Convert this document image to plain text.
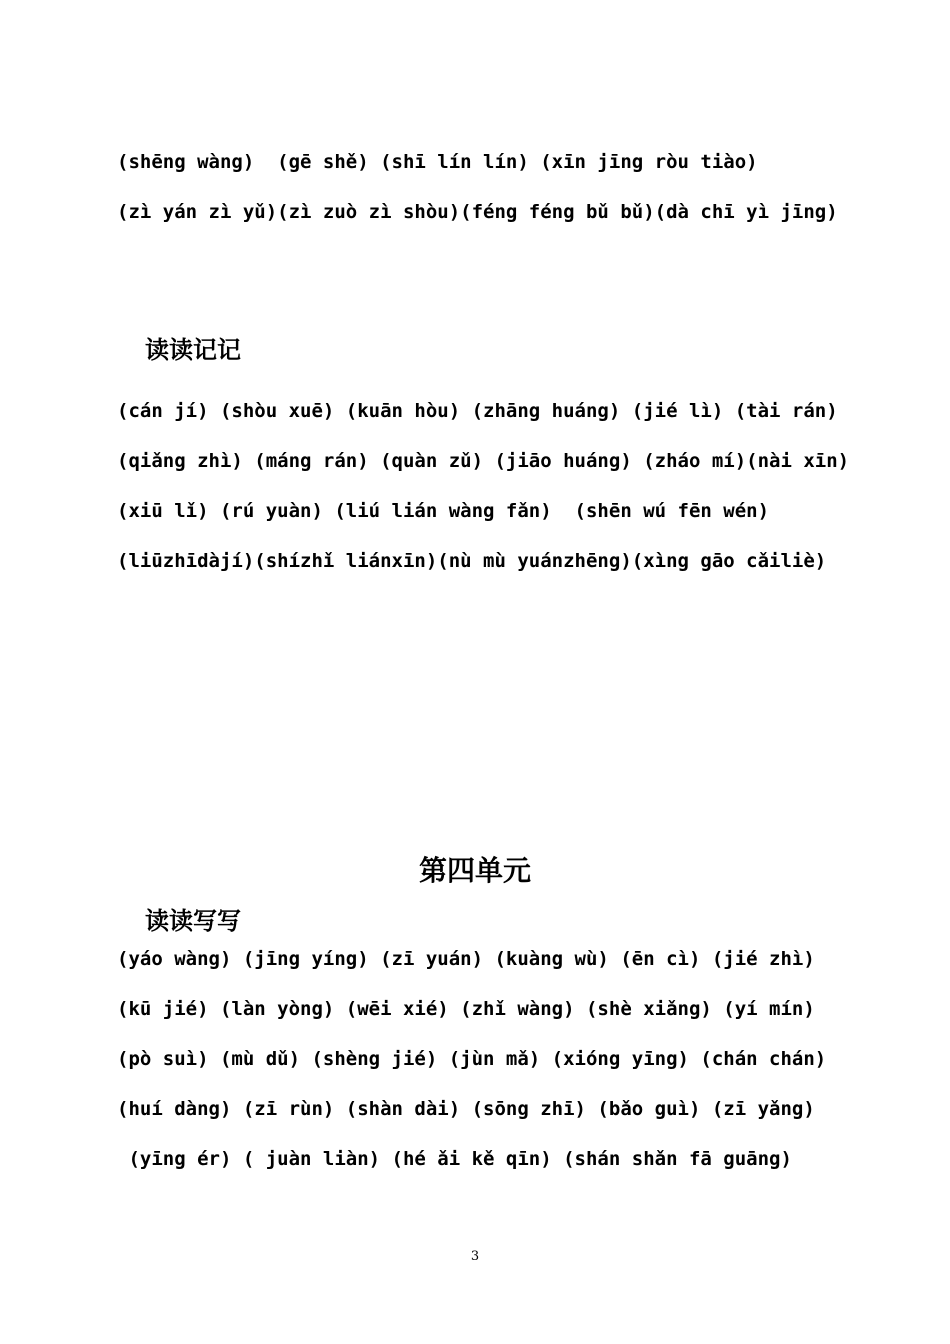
(shēng wàng)  (gē shě) (shī lín lín) (xīn jīng ròu tiào)
(zì yán zì yǔ)(zì zuò zì shòu)(féng féng bǔ bǔ)(dà chī yì jīng)
读读记记
(cán jí) (shòu xuē) (kuān hòu) (zhāng huáng) (jié lì) (tài rán)
(qiǎng zhì) (máng rán) (quàn zǔ) (jiāo huáng) (zháo mí)(nài xīn)
(xiū lǐ) (rú yuàn) (liú lián wàng fǎn)  (shēn wú fēn wén)
(liūzhīdàjí)(shízhǐ liánxīn)(nù mù yuánzhēng)(xìng gāo cǎiliè)
第四单元
读读写写
(yáo wàng) (jīng yíng) (zī yuán) (kuàng wù) (ēn cì) (jié zhì)
(kū jié) (làn yòng) (wēi xié) (zhǐ wàng) (shè xiǎng) (yí mín)
(pò suì) (mù dǔ) (shèng jié) (jùn mǎ) (xióng yīng) (chán chán)
(huí dàng) (zī rùn) (shàn dài) (sōng zhī) (bǎo guì) (zī yǎng)
(yīng ér) ( juàn liàn) (hé ǎi kě qīn) (shán shǎn fā guāng)
3
